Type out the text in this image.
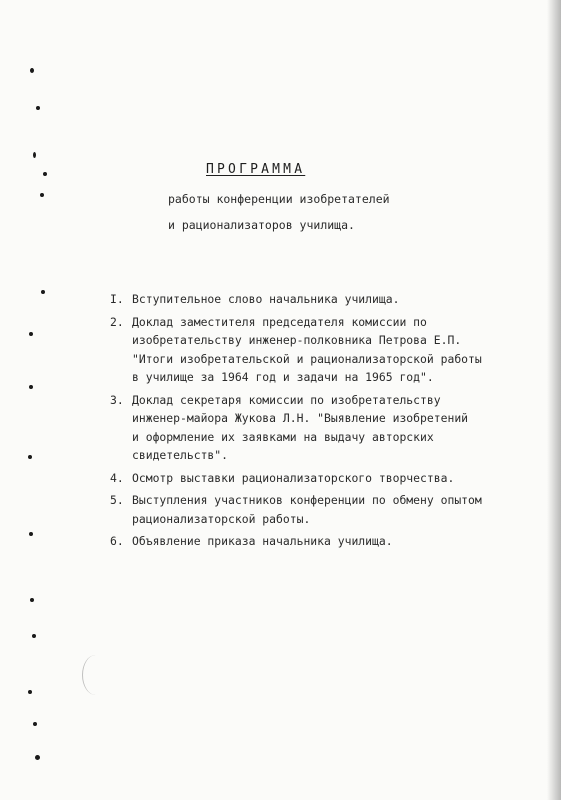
ПРОГРАММА
работы конференции изобретателей
и рационализаторов училища.
I. Вступительное слово начальника училища.
2. Доклад заместителя председателя комиссии по
изобретательству инженер-полковника Петрова Е.П.
"Итоги изобретательской и рационализаторской работы
в училище за 1964 год и задачи на 1965 год".
3. Доклад секретаря комиссии по изобретательству
инженер-майора Жукова Л.Н. "Выявление изобретений
и оформление их заявками на выдачу авторских
свидетельств".
4. Осмотр выставки рационализаторского творчества.
5. Выступления участников конференции по обмену опытом
рационализаторской работы.
6. Объявление приказа начальника училища.
